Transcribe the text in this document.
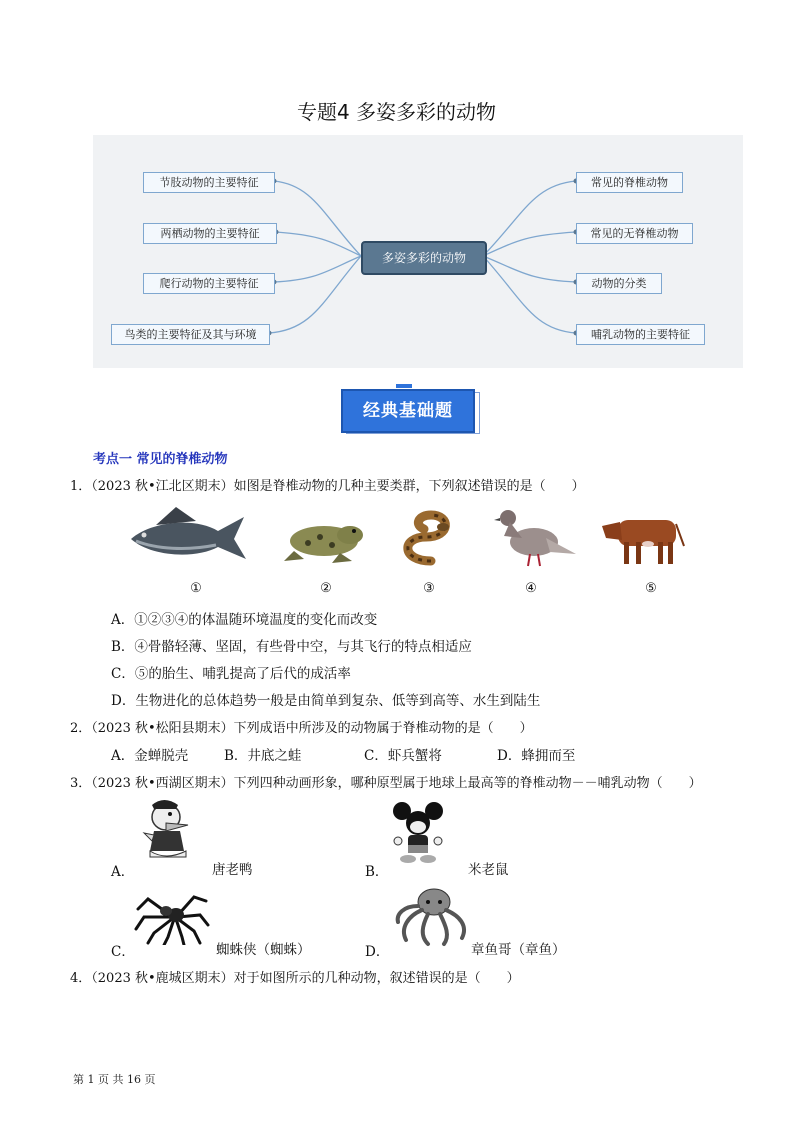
专题4 多姿多彩的动物
节肢动物的主要特征
两栖动物的主要特征
爬行动物的主要特征
鸟类的主要特征及其与环境
多姿多彩的动物
常见的脊椎动物
常见的无脊椎动物
动物的分类
哺乳动物的主要特征
经典基础题
考点一 常见的脊椎动物
1．（2023 秋•江北区期末）如图是脊椎动物的几种主要类群，下列叙述错误的是（　　）
①	②	③	④	⑤
A．①②③④的体温随环境温度的变化而改变
B．④骨骼轻薄、坚固，有些骨中空，与其飞行的特点相适应
C．⑤的胎生、哺乳提高了后代的成活率
D．生物进化的总体趋势一般是由简单到复杂、低等到高等、水生到陆生
2．（2023 秋•松阳县期末）下列成语中所涉及的动物属于脊椎动物的是（　　）
A．金蝉脱壳	B．井底之蛙	C．虾兵蟹将	D．蜂拥而至
3．（2023 秋•西湖区期末）下列四种动画形象，哪种原型属于地球上最高等的脊椎动物－－哺乳动物（　　）
A．	唐老鸭	B．	米老鼠
C．	蜘蛛侠（蜘蛛）	D．	章鱼哥（章鱼）
4．（2023 秋•鹿城区期末）对于如图所示的几种动物，叙述错误的是（　　）
第 1 页 共 16 页
